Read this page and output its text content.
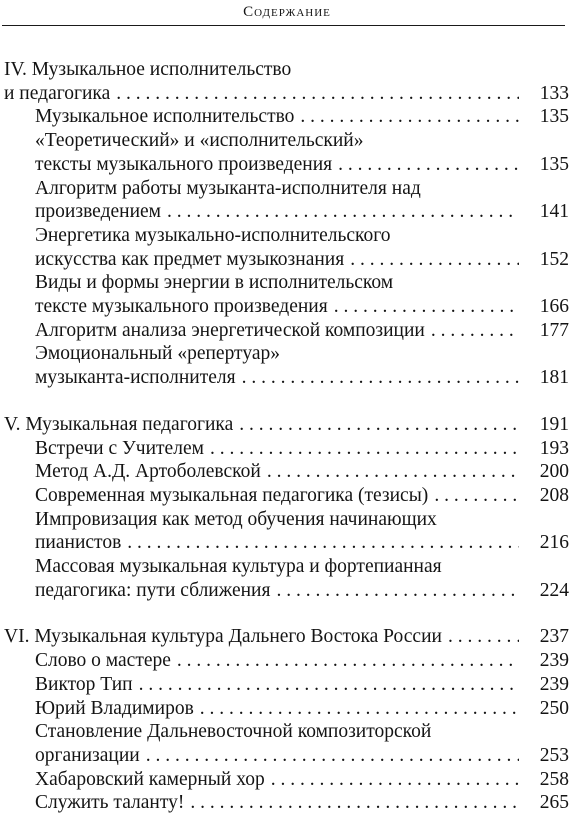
Содержание
IV. Музыкальное исполнительство
и педагогика . . .	133
Музыкальное исполнительство . . .	135
«Теоретический» и «исполнительский»
тексты музыкального произведения . . .	135
Алгоритм работы музыканта-исполнителя над
произведением . . .	141
Энергетика музыкально-исполнительского
искусства как предмет музыкознания . . .	152
Виды и формы энергии в исполнительском
тексте музыкального произведения . . .	166
Алгоритм анализа энергетической композиции . . .	177
Эмоциональный «репертуар»
музыканта-исполнителя . . .	181
V. Музыкальная педагогика . . .	191
Встречи с Учителем . . .	193
Метод А.Д. Артоболевской . . .	200
Современная музыкальная педагогика (тезисы) . . .	208
Импровизация как метод обучения начинающих
пианистов . . .	216
Массовая музыкальная культура и фортепианная
педагогика: пути сближения . . .	224
VI. Музыкальная культура Дальнего Востока России . . .	237
Слово о мастере . . .	239
Виктор Тип . . .	239
Юрий Владимиров . . .	250
Становление Дальневосточной композиторской
организации . . .	253
Хабаровский камерный хор . . .	258
Служить таланту! . . .	265
